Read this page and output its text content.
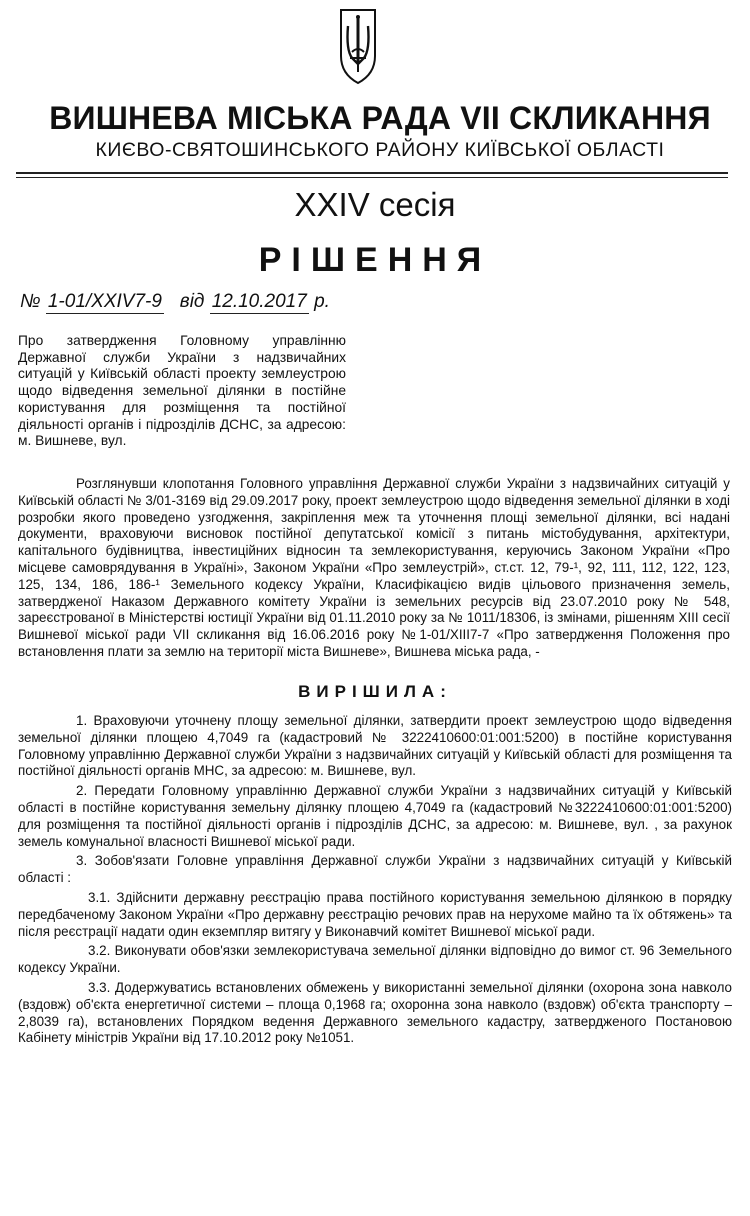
ВИШНЕВА МІСЬКА РАДА VII СКЛИКАННЯ
КИЄВО-СВЯТОШИНСЬКОГО РАЙОНУ КИЇВСЬКОЇ ОБЛАСТІ
XXIV сесія
РІШЕННЯ
№ 1-01/XXIV7-9 від 12.10.2017 р.
Про затвердження Головному управлінню Державної служби України з надзвичайних ситуацій у Київській області проекту землеустрою щодо відведення земельної ділянки в постійне користування для розміщення та постійної діяльності органів і підрозділів ДСНС, за адресою: м. Вишневе, вул.
Розглянувши клопотання Головного управління Державної служби України з надзвичайних ситуацій у Київській області № 3/01-3169 від 29.09.2017 року, проект землеустрою щодо відведення земельної ділянки в ході розробки якого проведено узгодження, закріплення меж та уточнення площі земельної ділянки, всі надані документи, враховуючи висновок постійної депутатської комісії з питань містобудування, архітектури, капітального будівництва, інвестиційних відносин та землекористування, керуючись Законом України «Про місцеве самоврядування в Україні», Законом України «Про землеустрій», ст.ст. 12, 79-¹, 92, 111, 112, 122, 123, 125, 134, 186, 186-¹ Земельного кодексу України, Класифікацією видів цільового призначення земель, затвердженої Наказом Державного комітету України із земельних ресурсів від 23.07.2010 року № 548, зареєстрованої в Міністерстві юстиції України від 01.11.2010 року за № 1011/18306, із змінами, рішенням XIII сесії Вишневої міської ради VII скликання від 16.06.2016 року №1-01/XIII7-7 «Про затвердження Положення про встановлення плати за землю на території міста Вишневе», Вишнева міська рада, -
ВИРІШИЛА:

1. Враховуючи уточнену площу земельної ділянки, затвердити проект землеустрою щодо відведення земельної ділянки площею 4,7049 га (кадастровий № 3222410600:01:001:5200) в постійне користування Головному управлінню Державної служби України з надзвичайних ситуацій у Київській області для розміщення та постійної діяльності органів МНС, за адресою: м. Вишневе, вул.

2. Передати Головному управлінню Державної служби України з надзвичайних ситуацій у Київській області в постійне користування земельну ділянку площею 4,7049 га (кадастровий №3222410600:01:001:5200) для розміщення та постійної діяльності органів і підрозділів ДСНС, за адресою: м. Вишневе, вул. , за рахунок земель комунальної власності Вишневої міської ради.

3. Зобов'язати Головне управління Державної служби України з надзвичайних ситуацій у Київській області :

3.1. Здійснити державну реєстрацію права постійного користування земельною ділянкою в порядку передбаченому Законом України «Про державну реєстрацію речових прав на нерухоме майно та їх обтяжень» та після реєстрації надати один екземпляр витягу у Виконавчий комітет Вишневої міської ради.

3.2. Виконувати обов'язки землекористувача земельної ділянки відповідно до вимог ст. 96 Земельного кодексу України.

3.3. Додержуватись встановлених обмежень у використанні земельної ділянки (охорона зона навколо (вздовж) об'єкта енергетичної системи – площа 0,1968 га; охоронна зона навколо (вздовж) об'єкта транспорту – 2,8039 га), встановлених Порядком ведення Державного земельного кадастру, затвердженого Постановою Кабінету міністрів України від 17.10.2012 року №1051.
